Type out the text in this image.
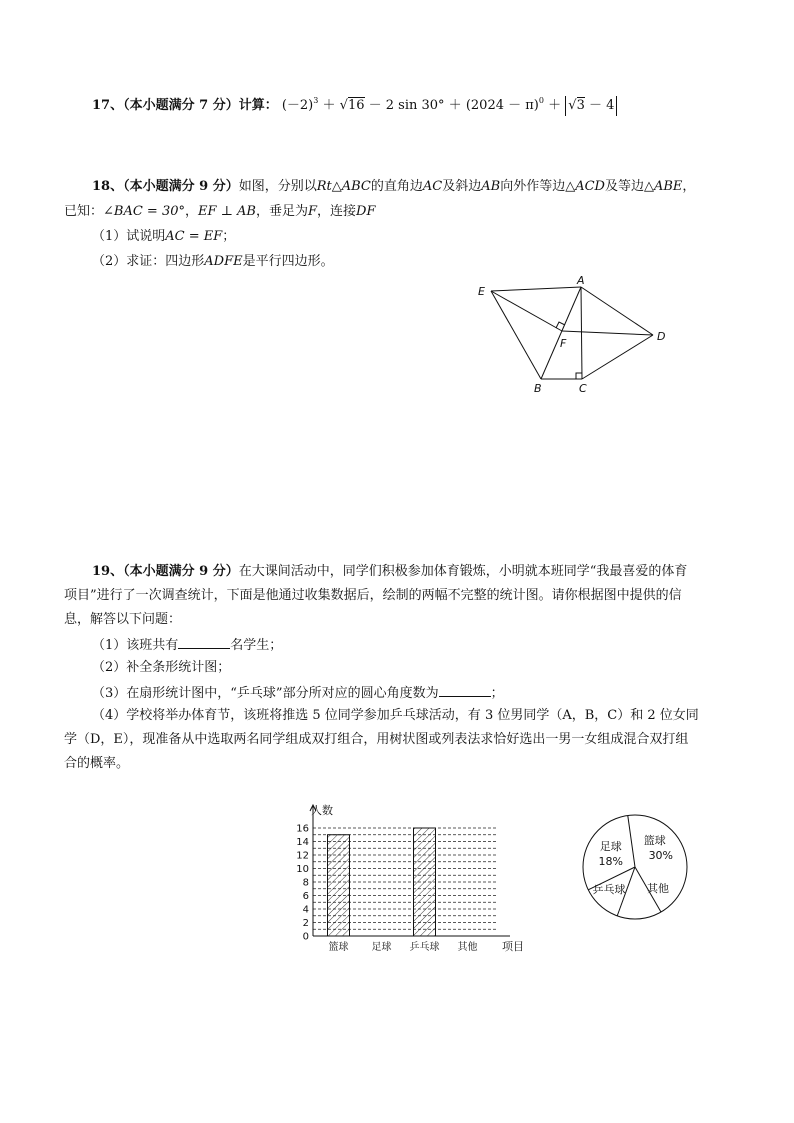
17、（本小题满分 7 分）计算： $(-2)^3 + √16 - 2$ $\sin 30^\circ + (2024 - \pi)^0 + √3 - 4$
18、（本小题满分 9 分）如图，分别以Rt△ABC的直角边AC及斜边AB向外作等边△ACD及等边△ABE，
已知：∠BAC = 30°，EF ⊥ AB，垂足为F，连接DF
（1）试说明AC = EF；
（2）求证：四边形ADFE是平行四边形。
E
A
D
F
B	C
19、（本小题满分 9 分）在大课间活动中，同学们积极参加体育锻炼，小明就本班同学“我最喜爱的体育
项目”进行了一次调查统计，下面是他通过收集数据后，绘制的两幅不完整的统计图。请你根据图中提供的信
息，解答以下问题：
（1）该班共有	名学生；
（2）补全条形统计图；
（3）在扇形统计图中，“乒乓球”部分所对应的圆心角度数为	；
（4）学校将举办体育节，该班将推选 5 位同学参加乒乓球活动，有 3 位男同学（A，B，C）和 2 位女同
学（D，E），现准备从中选取两名同学组成双打组合，用树状图或列表法求恰好选出一男一女组成混合双打组
合的概率。
0
2
4
6
8
10
12
14
16
篮球 足球 乒乓球 其他
人数
项目
篮球
30%
足球
18%
乒乓球 其他
